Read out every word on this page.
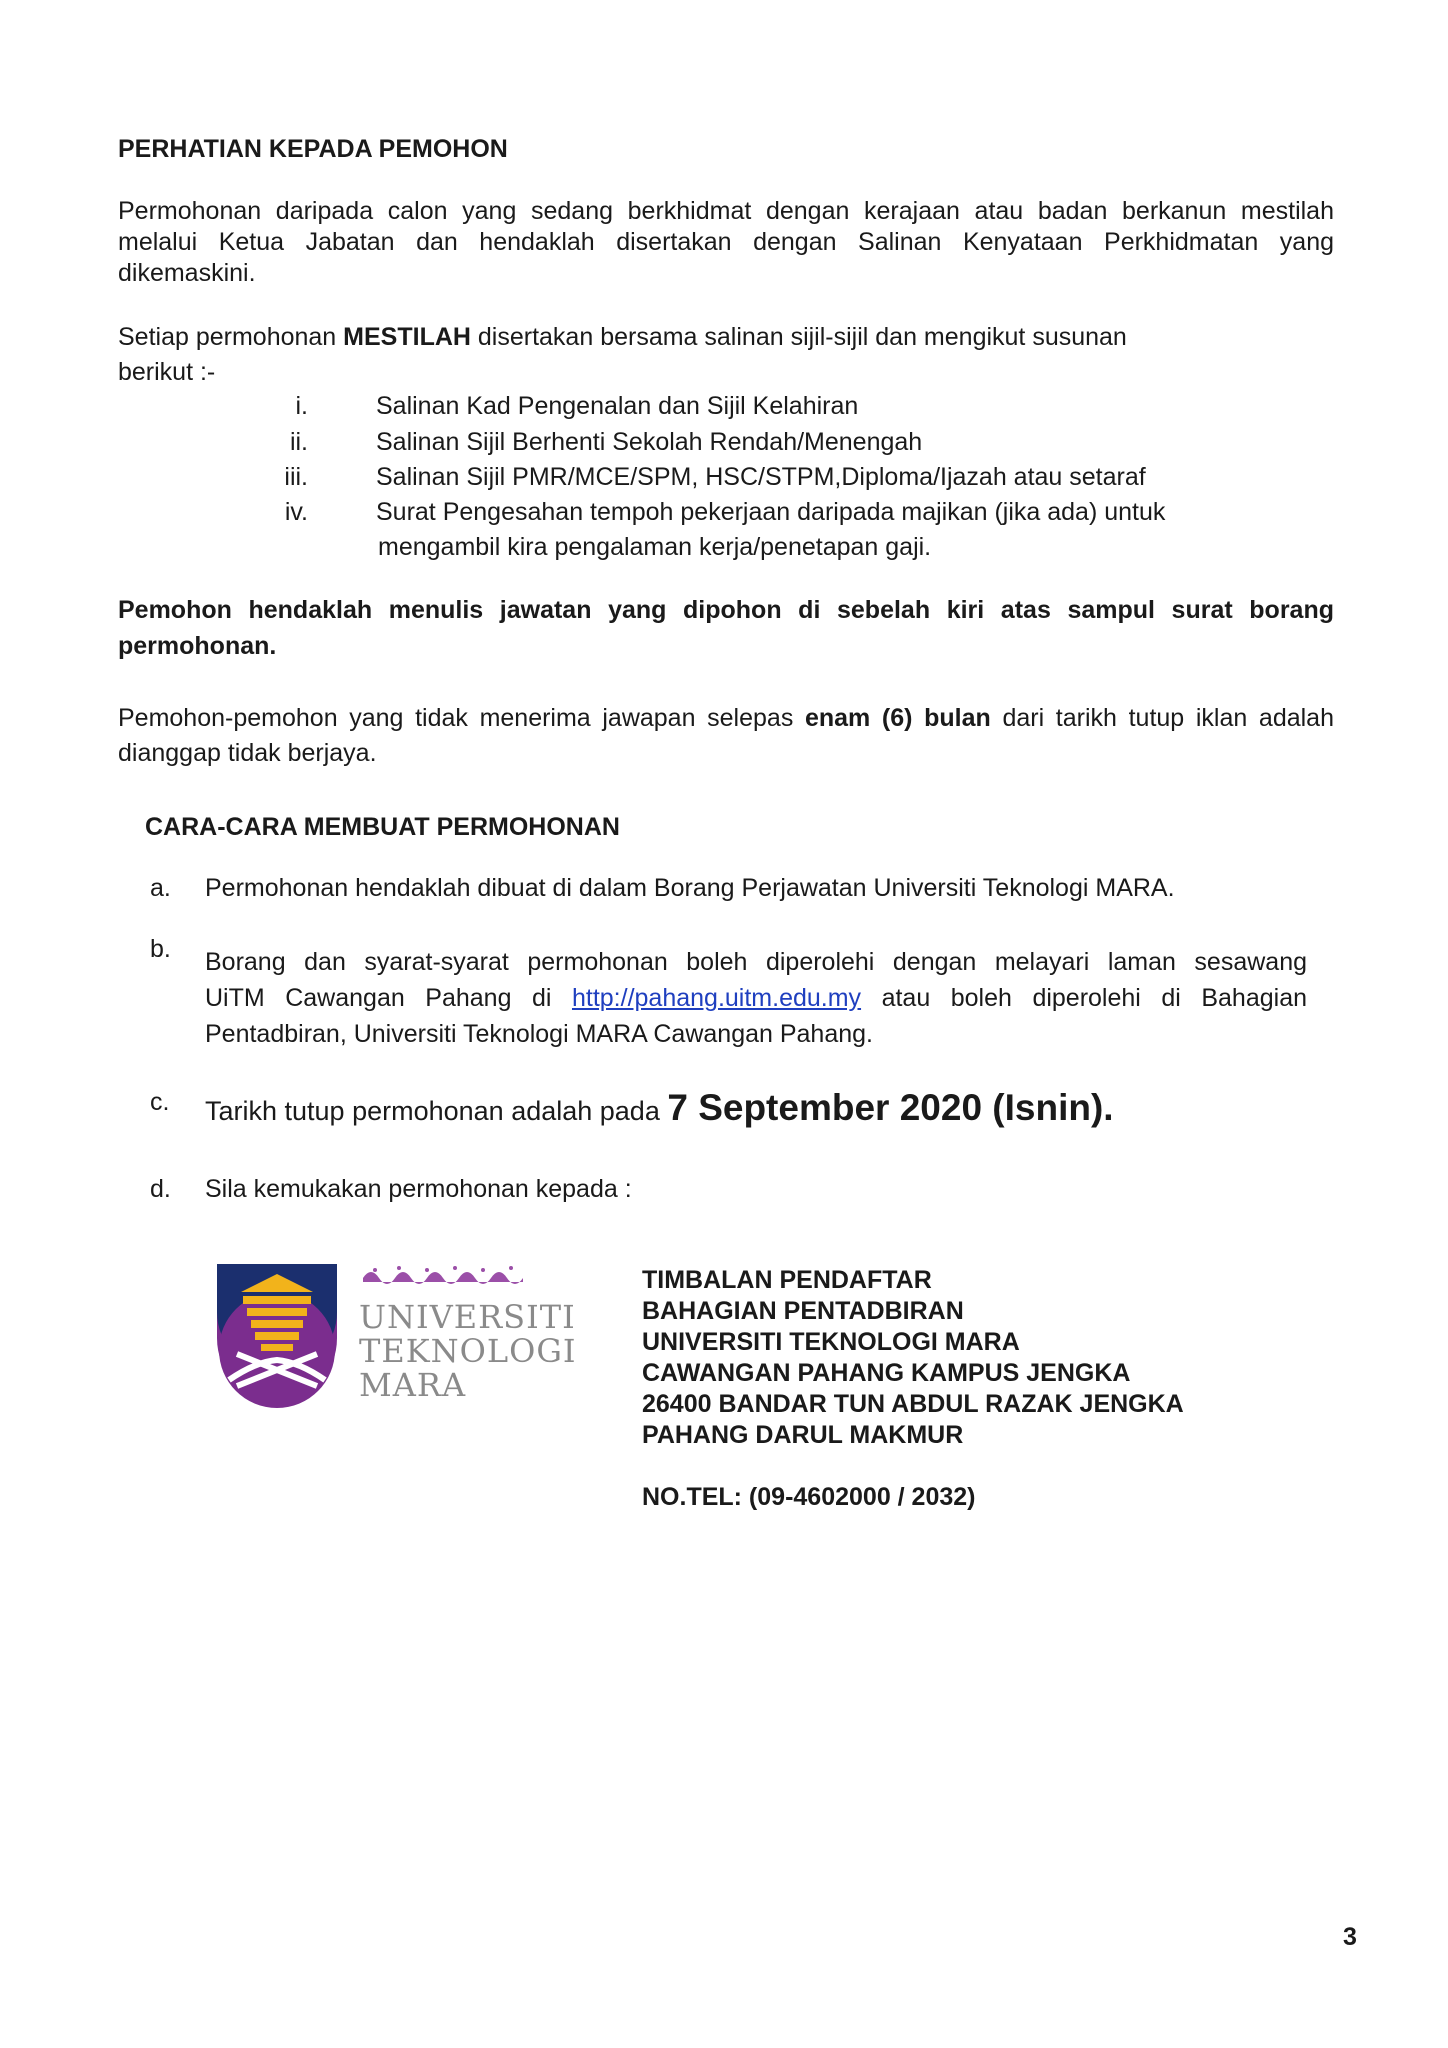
PERHATIAN KEPADA PEMOHON
Permohonan daripada calon yang sedang berkhidmat dengan kerajaan atau badan berkanun mestilah
melalui Ketua Jabatan dan hendaklah disertakan dengan Salinan Kenyataan Perkhidmatan yang
dikemaskini.
Setiap permohonan MESTILAH disertakan bersama salinan sijil-sijil dan mengikut susunan
berikut :-
i.	Salinan Kad Pengenalan dan Sijil Kelahiran
ii.	Salinan Sijil Berhenti Sekolah Rendah/Menengah
iii.	Salinan Sijil PMR/MCE/SPM, HSC/STPM,Diploma/Ijazah atau setaraf
iv.	Surat Pengesahan tempoh pekerjaan daripada majikan (jika ada) untuk
mengambil kira pengalaman kerja/penetapan gaji.
Pemohon hendaklah menulis jawatan yang dipohon di sebelah kiri atas sampul surat borang
permohonan.
Pemohon-pemohon yang tidak menerima jawapan selepas enam (6) bulan dari tarikh tutup iklan adalah
dianggap tidak berjaya.
CARA-CARA MEMBUAT PERMOHONAN
a. Permohonan hendaklah dibuat di dalam Borang Perjawatan Universiti Teknologi MARA.
b. Borang dan syarat-syarat permohonan boleh diperolehi dengan melayari laman sesawang
UiTM Cawangan Pahang di http://pahang.uitm.edu.my atau boleh diperolehi di Bahagian
Pentadbiran, Universiti Teknologi MARA Cawangan Pahang.
c. Tarikh tutup permohonan adalah pada 7 September 2020 (Isnin).
d. Sila kemukakan permohonan kepada :
UNIVERSITI
TEKNOLOGI
MARA
TIMBALAN PENDAFTAR
BAHAGIAN PENTADBIRAN
UNIVERSITI TEKNOLOGI MARA
CAWANGAN PAHANG KAMPUS JENGKA
26400 BANDAR TUN ABDUL RAZAK JENGKA
PAHANG DARUL MAKMUR
NO.TEL: (09-4602000 / 2032)
3
